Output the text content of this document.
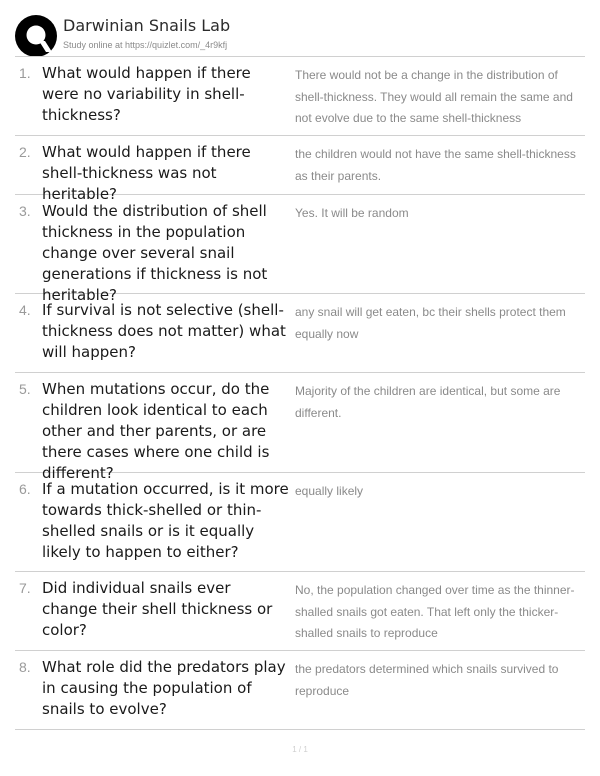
Darwinian Snails Lab
Study online at https://quizlet.com/_4r9kfj
1. What would happen if there were no variability in shell-thickness?
There would not be a change in the distribution of shell-thickness. They would all remain the same and not evolve due to the same shell-thickness
2. What would happen if there shell-thickness was not heritable?
the children would not have the same shell-thickness as their parents.
3. Would the distribution of shell thickness in the population change over several snail generations if thickness is not heritable?
Yes. It will be random
4. If survival is not selective (shell-thickness does not matter) what will happen?
any snail will get eaten, bc their shells protect them equally now
5. When mutations occur, do the children look identical to each other and ther parents, or are there cases where one child is different?
Majority of the children are identical, but some are different.
6. If a mutation occurred, is it more towards thick-shelled or thin-shelled snails or is it equally likely to happen to either?
equally likely
7. Did individual snails ever change their shell thickness or color?
No, the population changed over time as the thinner-shalled snails got eaten. That left only the thicker-shalled snails to reproduce
8. What role did the predators play in causing the population of snails to evolve?
the predators determined which snails survived to reproduce
1 / 1
